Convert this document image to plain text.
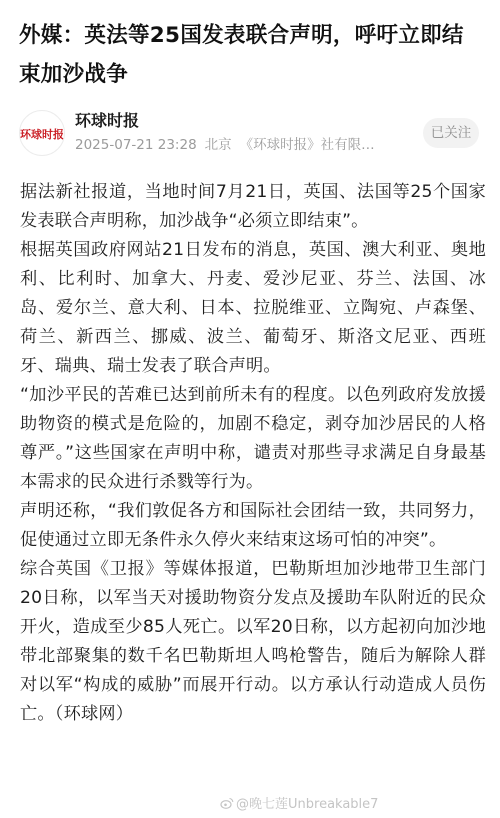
外媒：英法等25国发表联合声明，呼吁立即结束加沙战争
环球时报
环球时报
2025-07-21 23:28 北京 《环球时报》社有限…
已关注

据法新社报道，当地时间7月21日，英国、法国等25个国家发表联合声明称，加沙战争“必须立即结束”。

根据英国政府网站21日发布的消息，英国、澳大利亚、奥地利、比利时、加拿大、丹麦、爱沙尼亚、芬兰、法国、冰岛、爱尔兰、意大利、日本、拉脱维亚、立陶宛、卢森堡、荷兰、新西兰、挪威、波兰、葡萄牙、斯洛文尼亚、西班牙、瑞典、瑞士发表了联合声明。

“加沙平民的苦难已达到前所未有的程度。以色列政府发放援助物资的模式是危险的，加剧不稳定，剥夺加沙居民的人格尊严。”这些国家在声明中称，谴责对那些寻求满足自身最基本需求的民众进行杀戮等行为。

声明还称，“我们敦促各方和国际社会团结一致，共同努力，促使通过立即无条件永久停火来结束这场可怕的冲突”。

综合英国《卫报》等媒体报道，巴勒斯坦加沙地带卫生部门20日称，以军当天对援助物资分发点及援助车队附近的民众开火，造成至少85人死亡。以军20日称，以方起初向加沙地带北部聚集的数千名巴勒斯坦人鸣枪警告，随后为解除人群对以军“构成的威胁”而展开行动。以方承认行动造成人员伤亡。（环球网）

@晚七莲Unbreakable7
